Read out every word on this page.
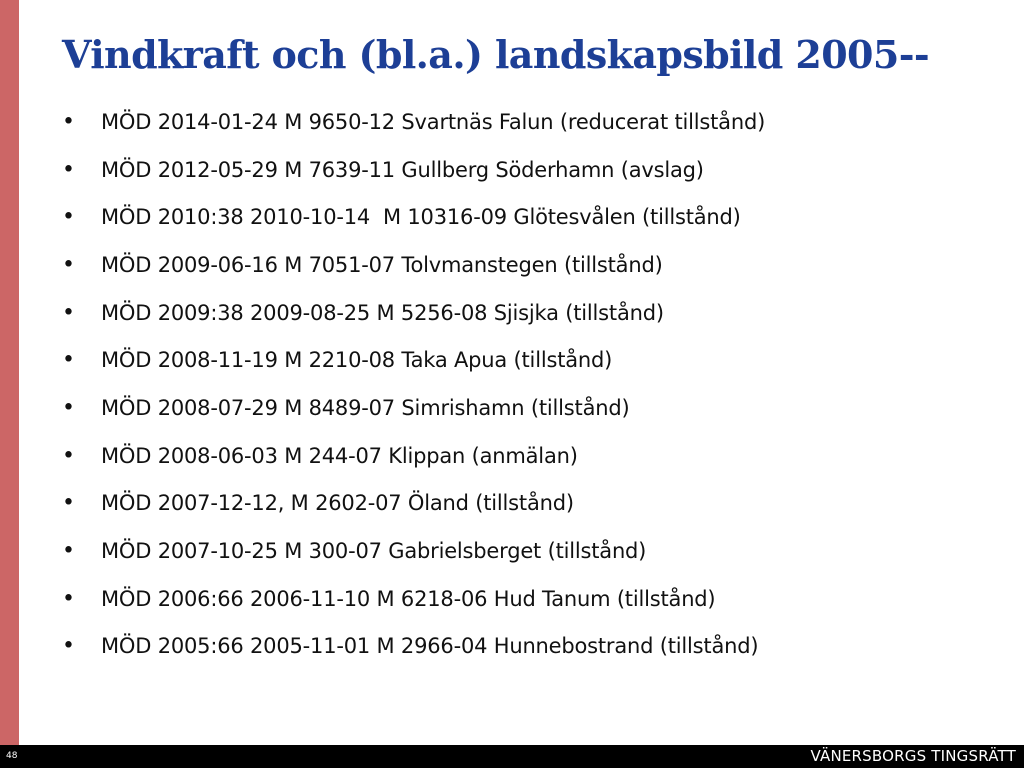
Vindkraft och (bl.a.) landskapsbild 2005--
•	MÖD 2014-01-24 M 9650-12 Svartnäs Falun (reducerat tillstånd)
•	MÖD 2012-05-29 M 7639-11 Gullberg Söderhamn (avslag)
•	MÖD 2010:38 2010-10-14  M 10316-09 Glötesvålen (tillstånd)
•	MÖD 2009-06-16 M 7051-07 Tolvmanstegen (tillstånd)
•	MÖD 2009:38 2009-08-25 M 5256-08 Sjisjka (tillstånd)
•	MÖD 2008-11-19 M 2210-08 Taka Apua (tillstånd)
•	MÖD 2008-07-29 M 8489-07 Simrishamn (tillstånd)
•	MÖD 2008-06-03 M 244-07 Klippan (anmälan)
•	MÖD 2007-12-12, M 2602-07 Öland (tillstånd)
•	MÖD 2007-10-25 M 300-07 Gabrielsberget (tillstånd)
•	MÖD 2006:66 2006-11-10 M 6218-06 Hud Tanum (tillstånd)
•	MÖD 2005:66 2005-11-01 M 2966-04 Hunnebostrand (tillstånd)
48	VÄNERSBORGS TINGSRÄTT
